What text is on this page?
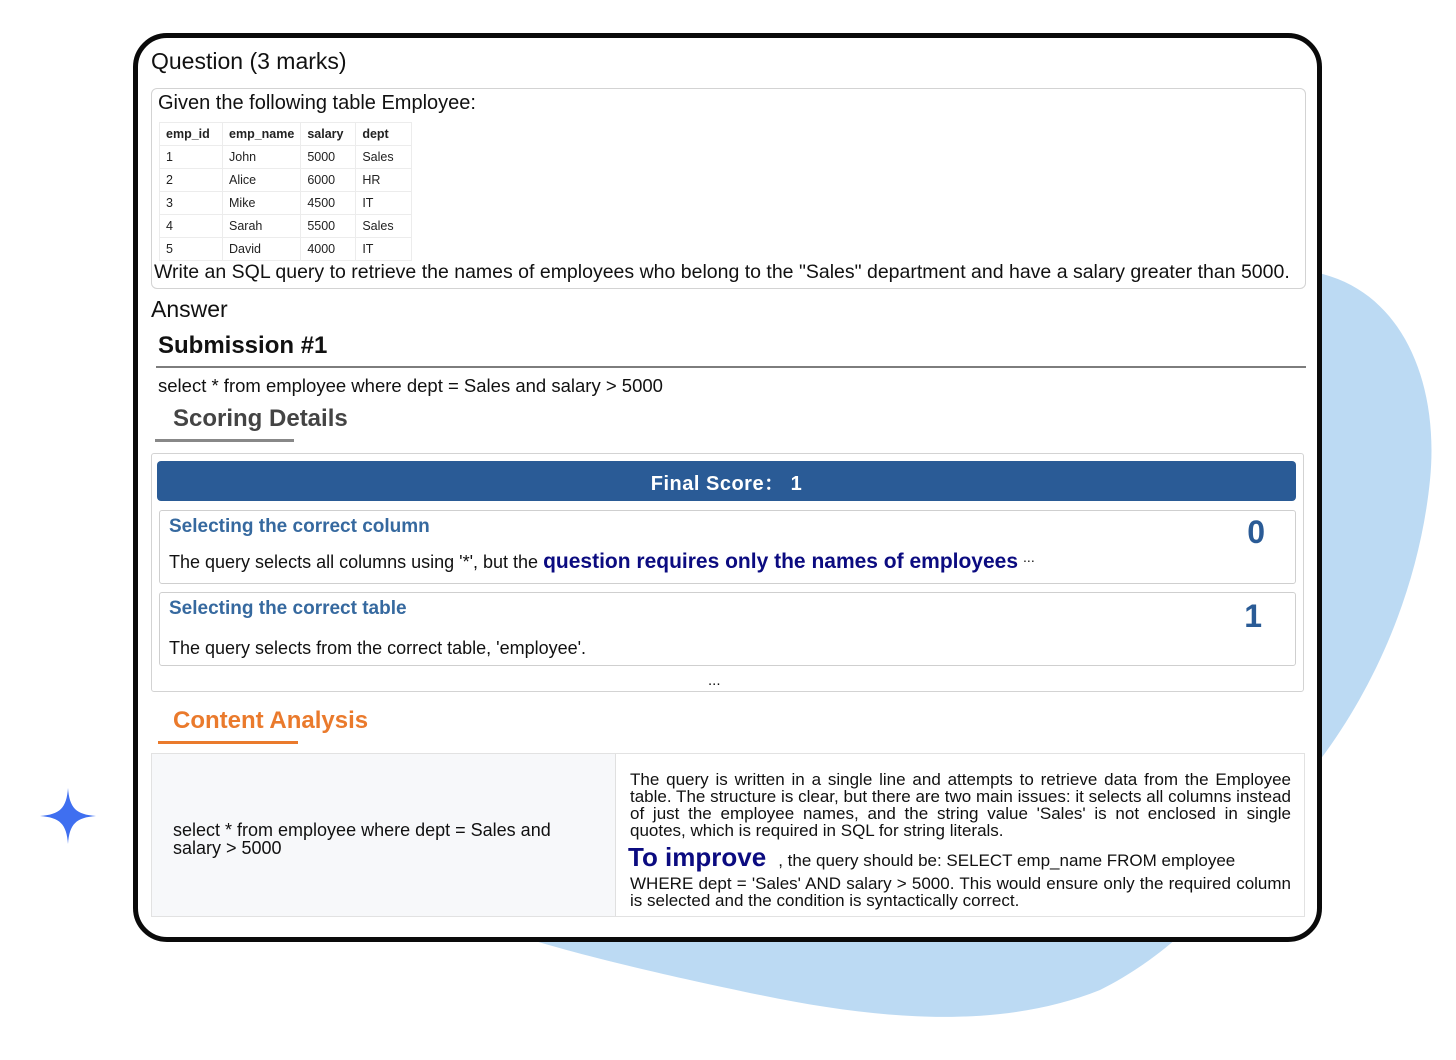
Question (3 marks)
Given the following table Employee:
emp_id	emp_name	salary	dept
1	John	5000	Sales
2	Alice	6000	HR
3	Mike	4500	IT
4	Sarah	5500	Sales
5	David	4000	IT
Write an SQL query to retrieve the names of employees who belong to the "Sales" department and have a salary greater than 5000.
Answer
Submission #1
select * from employee where dept = Sales and salary > 5000
Scoring Details
Final Score： 1
Selecting the correct column	0
The query selects all columns using '*', but the question requires only the names of employees ...
Selecting the correct table	1
The query selects from the correct table, 'employee'.
...
Content Analysis
select * from employee where dept = Sales and salary > 5000

The query is written in a single line and attempts to retrieve data from the Employee table. The structure is clear, but there are two main issues: it selects all columns instead of just the employee names, and the string value 'Sales' is not enclosed in single quotes, which is required in SQL for string literals.

To improve , the query should be: SELECT emp_name FROM employee

WHERE dept = 'Sales' AND salary > 5000. This would ensure only the required column is selected and the condition is syntactically correct.
